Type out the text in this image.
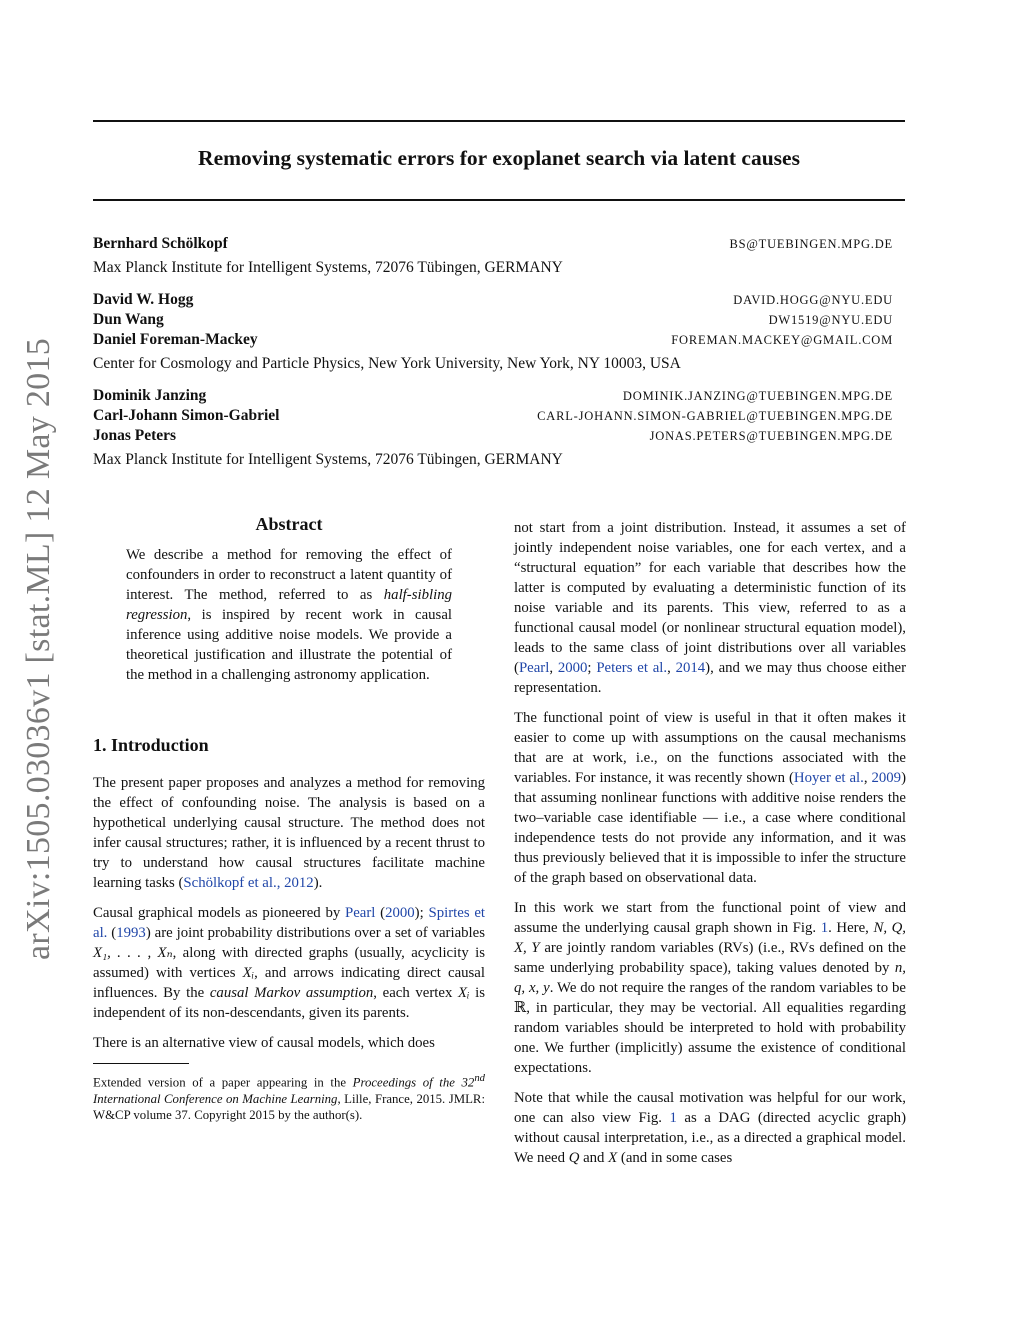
arXiv:1505.03036v1 [stat.ML] 12 May 2015
Removing systematic errors for exoplanet search via latent causes
Bernhard Schölkopf	BS@TUEBINGEN.MPG.DE
Max Planck Institute for Intelligent Systems, 72076 Tübingen, GERMANY
David W. Hogg	DAVID.HOGG@NYU.EDU
Dun Wang	DW1519@NYU.EDU
Daniel Foreman-Mackey	FOREMAN.MACKEY@GMAIL.COM
Center for Cosmology and Particle Physics, New York University, New York, NY 10003, USA
Dominik Janzing	DOMINIK.JANZING@TUEBINGEN.MPG.DE
Carl-Johann Simon-Gabriel	CARL-JOHANN.SIMON-GABRIEL@TUEBINGEN.MPG.DE
Jonas Peters	JONAS.PETERS@TUEBINGEN.MPG.DE
Max Planck Institute for Intelligent Systems, 72076 Tübingen, GERMANY
Abstract
We describe a method for removing the effect of confounders in order to reconstruct a latent quantity of interest. The method, referred to as half-sibling regression, is inspired by recent work in causal inference using additive noise models. We provide a theoretical justification and illustrate the potential of the method in a challenging astronomy application.
1. Introduction

The present paper proposes and analyzes a method for removing the effect of confounding noise. The analysis is based on a hypothetical underlying causal structure. The method does not infer causal structures; rather, it is influenced by a recent thrust to try to understand how causal structures facilitate machine learning tasks (Schölkopf et al., 2012).

Causal graphical models as pioneered by Pearl (2000); Spirtes et al. (1993) are joint probability distributions over a set of variables X₁, . . . , Xₙ, along with directed graphs (usually, acyclicity is assumed) with vertices Xᵢ, and arrows indicating direct causal influences. By the causal Markov assumption, each vertex Xᵢ is independent of its non-descendants, given its parents.

There is an alternative view of causal models, which does

Extended version of a paper appearing in the Proceedings of the 32nd International Conference on Machine Learning, Lille, France, 2015. JMLR: W&CP volume 37. Copyright 2015 by the author(s).

not start from a joint distribution. Instead, it assumes a set of jointly independent noise variables, one for each vertex, and a “structural equation” for each variable that describes how the latter is computed by evaluating a deterministic function of its noise variable and its parents. This view, referred to as a functional causal model (or nonlinear structural equation model), leads to the same class of joint distributions over all variables (Pearl, 2000; Peters et al., 2014), and we may thus choose either representation.

The functional point of view is useful in that it often makes it easier to come up with assumptions on the causal mechanisms that are at work, i.e., on the functions associated with the variables. For instance, it was recently shown (Hoyer et al., 2009) that assuming nonlinear functions with additive noise renders the two–variable case identifiable — i.e., a case where conditional independence tests do not provide any information, and it was thus previously believed that it is impossible to infer the structure of the graph based on observational data.

In this work we start from the functional point of view and assume the underlying causal graph shown in Fig. 1. Here, N, Q, X, Y are jointly random variables (RVs) (i.e., RVs defined on the same underlying probability space), taking values denoted by n, q, x, y. We do not require the ranges of the random variables to be ℝ, in particular, they may be vectorial. All equalities regarding random variables should be interpreted to hold with probability one. We further (implicitly) assume the existence of conditional expectations.

Note that while the causal motivation was helpful for our work, one can also view Fig. 1 as a DAG (directed acyclic graph) without causal interpretation, i.e., as a directed a graphical model. We need Q and X (and in some cases
